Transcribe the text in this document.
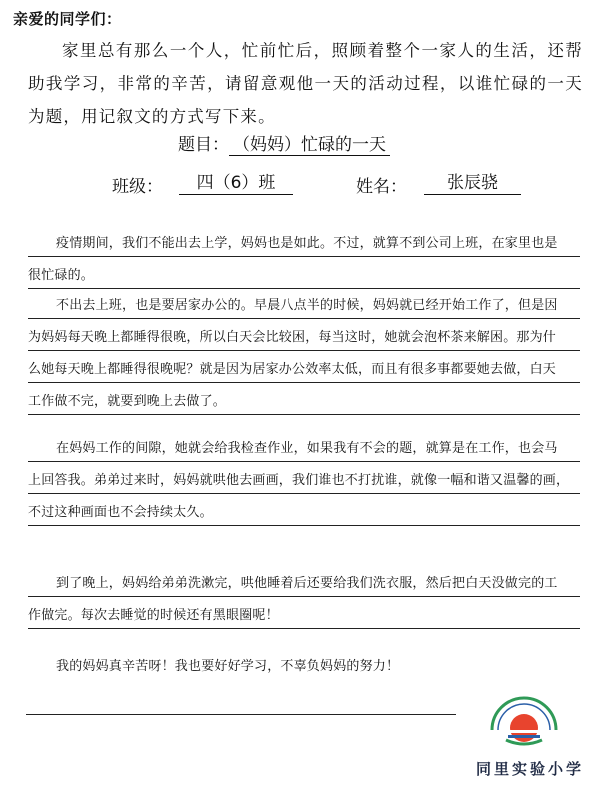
亲爱的同学们：
家里总有那么一个人，忙前忙后，照顾着整个一家人的生活，还帮助我学习，非常的辛苦，请留意观他一天的活动过程，以谁忙碌的一天为题，用记叙文的方式写下来。
题目： （妈妈）忙碌的一天
班级：	四（6）班	姓名：	张辰骁
疫情期间，我们不能出去上学，妈妈也是如此。不过，就算不到公司上班，在家里也是
很忙碌的。
不出去上班，也是要居家办公的。早晨八点半的时候，妈妈就已经开始工作了，但是因
为妈妈每天晚上都睡得很晚，所以白天会比较困，每当这时，她就会泡杯茶来解困。那为什
么她每天晚上都睡得很晚呢？就是因为居家办公效率太低，而且有很多事都要她去做，白天
工作做不完，就要到晚上去做了。
在妈妈工作的间隙，她就会给我检查作业，如果我有不会的题，就算是在工作，也会马
上回答我。弟弟过来时，妈妈就哄他去画画，我们谁也不打扰谁，就像一幅和谐又温馨的画，
不过这种画面也不会持续太久。
到了晚上，妈妈给弟弟洗漱完，哄他睡着后还要给我们洗衣服，然后把白天没做完的工
作做完。每次去睡觉的时候还有黑眼圈呢！
我的妈妈真辛苦呀！我也要好好学习，不辜负妈妈的努力！
同里实验小学
